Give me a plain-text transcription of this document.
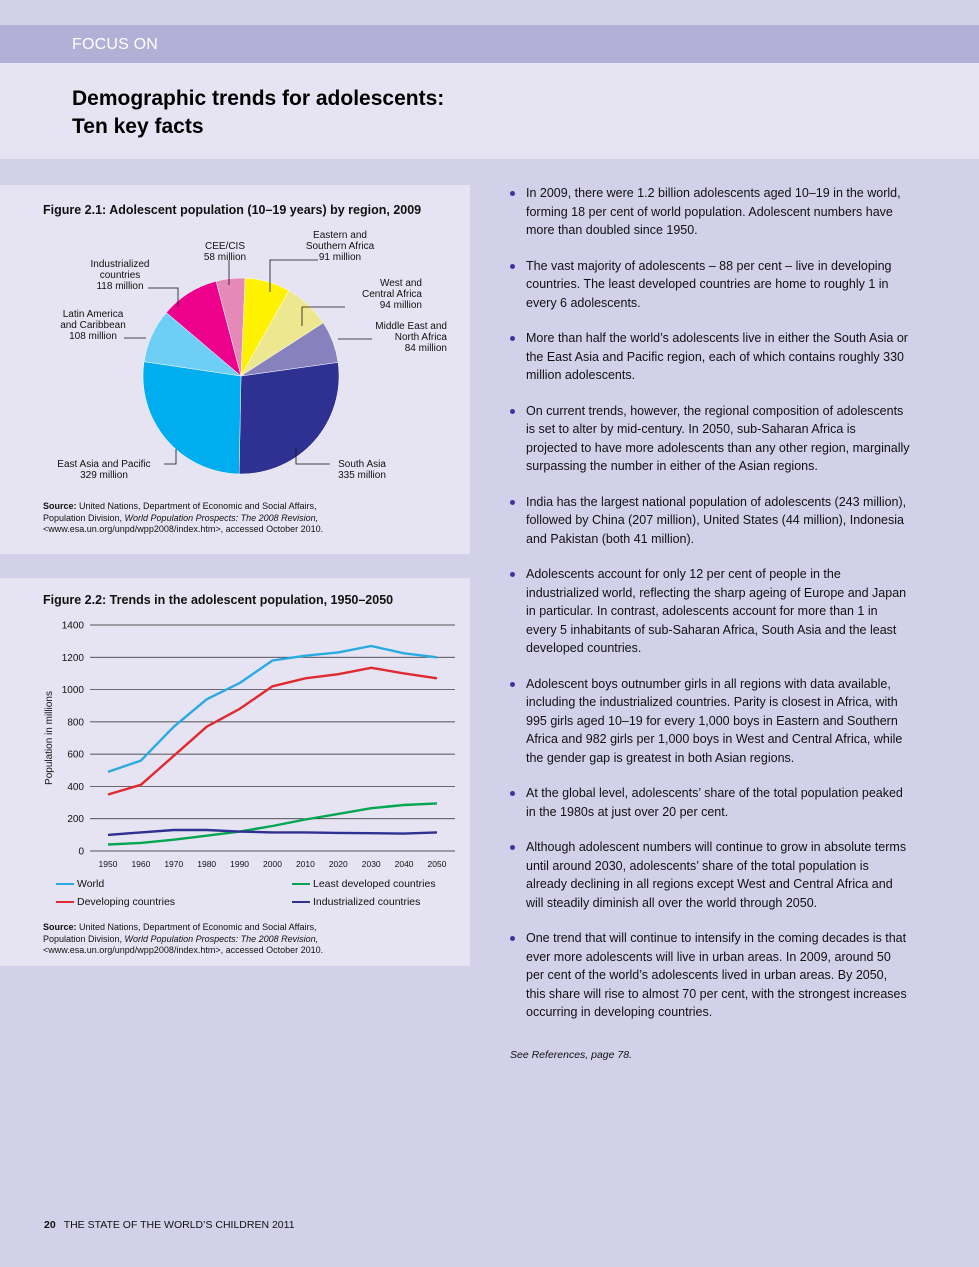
FOCUS ON
Demographic trends for adolescents:
Ten key facts
Figure 2.1: Adolescent population (10–19 years) by region, 2009
Industrialized
countries
118 million
CEE/CIS
58 million
Eastern and
Southern Africa
91 million
West and
Central Africa
94 million
Middle East and
North Africa
84 million
Latin America
and Caribbean
108 million
East Asia and Pacific
329 million
South Asia
335 million
Source: United Nations, Department of Economic and Social Affairs,
Population Division, World Population Prospects: The 2008 Revision,
<www.esa.un.org/unpd/wpp2008/index.htm>, accessed October 2010.
Figure 2.2: Trends in the adolescent population, 1950–2050
0
200
400
600
800
1000
1200
1400
1950 1960 1970 1980 1990 2000 2010 2020 2030 2040 2050
Population in millions
World
Developing countries
Least developed countries
Industrialized countries
Source: United Nations, Department of Economic and Social Affairs,
Population Division, World Population Prospects: The 2008 Revision,
<www.esa.un.org/unpd/wpp2008/index.htm>, accessed October 2010.
In 2009, there were 1.2 billion adolescents aged 10–19 in the world, forming 18 per cent of world population. Adolescent numbers have more than doubled since 1950.
The vast majority of adolescents – 88 per cent – live in developing countries. The least developed countries are home to roughly 1 in every 6 adolescents.
More than half the world’s adolescents live in either the South Asia or the East Asia and Pacific region, each of which contains roughly 330 million adolescents.
On current trends, however, the regional composition of adolescents is set to alter by mid-century. In 2050, sub-Saharan Africa is projected to have more adolescents than any other region, marginally surpassing the number in either of the Asian regions.
India has the largest national population of adolescents (243 million), followed by China (207 million), United States (44 million), Indonesia and Pakistan (both 41 million).
Adolescents account for only 12 per cent of people in the industrialized world, reflecting the sharp ageing of Europe and Japan in particular. In contrast, adolescents account for more than 1 in every 5 inhabitants of sub-Saharan Africa, South Asia and the least developed countries.
Adolescent boys outnumber girls in all regions with data available, including the industrialized countries. Parity is closest in Africa, with 995 girls aged 10–19 for every 1,000 boys in Eastern and Southern Africa and 982 girls per 1,000 boys in West and Central Africa, while the gender gap is greatest in both Asian regions.
At the global level, adolescents’ share of the total population peaked in the 1980s at just over 20 per cent.
Although adolescent numbers will continue to grow in absolute terms until around 2030, adolescents’ share of the total population is already declining in all regions except West and Central Africa and will steadily diminish all over the world through 2050.
One trend that will continue to intensify in the coming decades is that ever more adolescents will live in urban areas. In 2009, around 50 per cent of the world’s adolescents lived in urban areas. By 2050, this share will rise to almost 70 per cent, with the strongest increases occurring in developing countries.
See References, page 78.
20 THE STATE OF THE WORLD’S CHILDREN 2011
